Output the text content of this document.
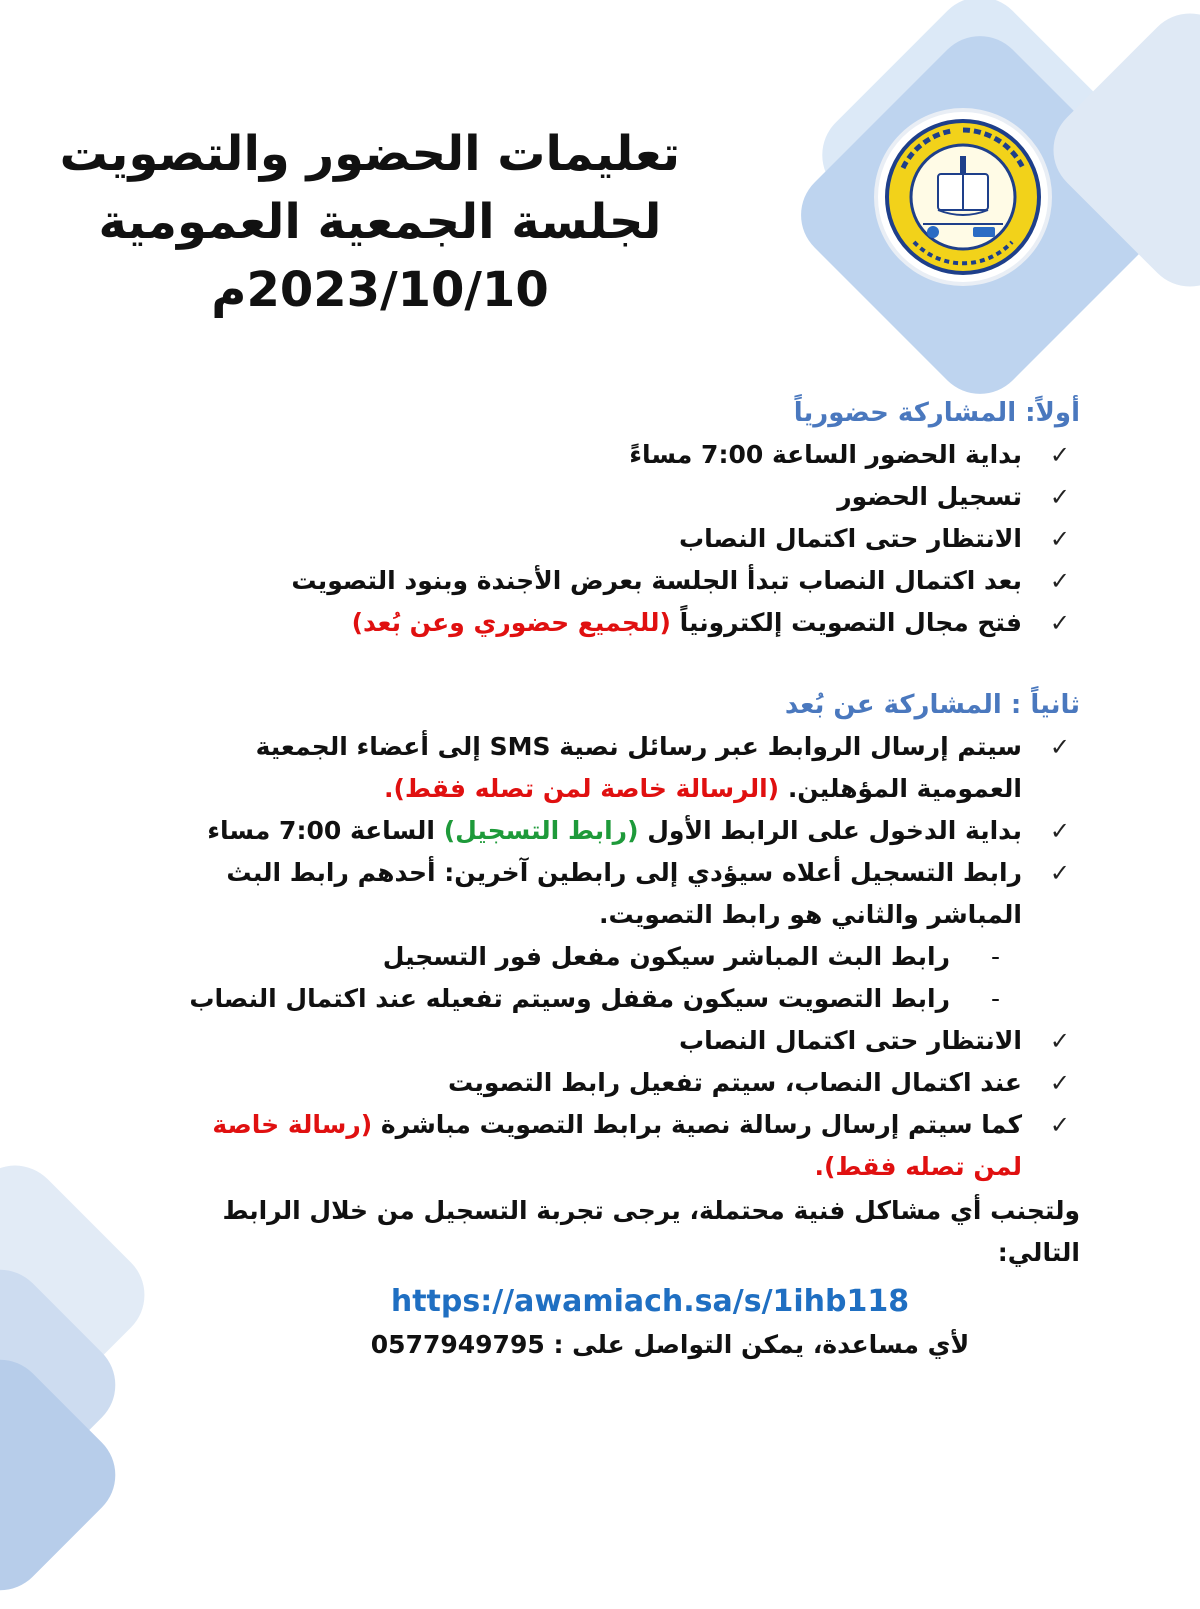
تعليمات الحضور والتصويت
لجلسة الجمعية العمومية
2023/10/10م
أولاً: المشاركة حضورياً
✓
بداية الحضور الساعة 7:00 مساءً
✓
تسجيل الحضور
✓
الانتظار حتى اكتمال النصاب
✓
بعد اكتمال النصاب تبدأ الجلسة بعرض الأجندة وبنود التصويت
✓
فتح مجال التصويت إلكترونياً (للجميع حضوري وعن بُعد)
ثانياً : المشاركة عن بُعد
✓
سيتم إرسال الروابط عبر رسائل نصية SMS إلى أعضاء الجمعية العمومية المؤهلين. (الرسالة خاصة لمن تصله فقط).
✓
بداية الدخول على الرابط الأول (رابط التسجيل) الساعة 7:00 مساء
✓
رابط التسجيل أعلاه سيؤدي إلى رابطين آخرين: أحدهم رابط البث المباشر والثاني هو رابط التصويت.
-
رابط البث المباشر سيكون مفعل فور التسجيل
-
رابط التصويت سيكون مقفل وسيتم تفعيله عند اكتمال النصاب
✓
الانتظار حتى اكتمال النصاب
✓
عند اكتمال النصاب، سيتم تفعيل رابط التصويت
✓
كما سيتم إرسال رسالة نصية برابط التصويت مباشرة (رسالة خاصة لمن تصله فقط).
ولتجنب أي مشاكل فنية محتملة، يرجى تجربة التسجيل من خلال الرابط التالي:
https://awamiach.sa/s/1ihb118
لأي مساعدة، يمكن التواصل على : 0577949795
